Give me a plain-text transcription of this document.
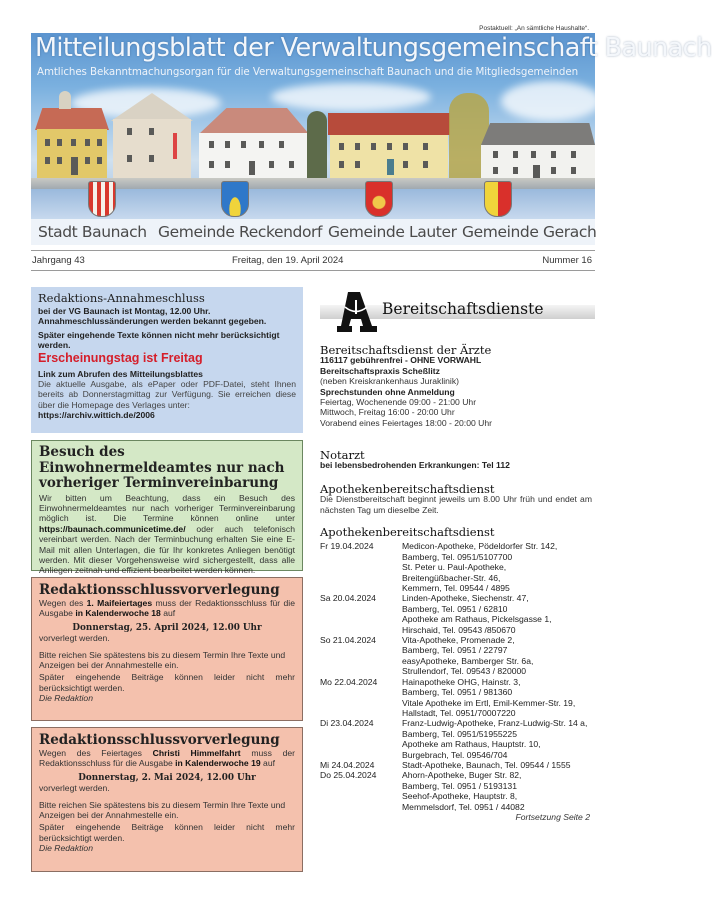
Postaktuell: „An sämtliche Haushalte“.
Mitteilungsblatt der Verwaltungsgemeinschaft Baunach
Amtliches Bekanntmachungsorgan für die Verwaltungsgemeinschaft Baunach und die Mitgliedsgemeinden
Stadt Baunach Gemeinde Reckendorf Gemeinde Lauter Gemeinde Gerach
Jahrgang 43	Freitag, den 19. April 2024	Nummer 16
Redaktions-Annahmeschluss
bei der VG Baunach ist Montag, 12.00 Uhr.
Annahmeschlussänderungen werden bekannt gegeben.
Später eingehende Texte können nicht mehr berücksichtigt werden.
Erscheinungstag ist Freitag
Link zum Abrufen des Mitteilungsblattes
Die aktuelle Ausgabe, als ePaper oder PDF-Datei, steht Ihnen bereits ab Donnerstagmittag zur Verfügung. Sie erreichen diese über die Homepage des Verlages unter:
https://archiv.wittich.de/2006
Besuch des Einwohnermeldeamtes nur nach vorheriger Terminvereinbarung
Wir bitten um Beachtung, dass ein Besuch des Einwohnermeldeamtes nur nach vorheriger Terminvereinbarung möglich ist. Die Termine können online unter https://baunach.communicetime.de/ oder auch telefonisch vereinbart werden. Nach der Terminbuchung erhalten Sie eine E-Mail mit allen Unterlagen, die für Ihr konkretes Anliegen benötigt werden. Mit dieser Vorgehensweise wird sichergestellt, dass alle Anliegen zeitnah und effizient bearbeitet werden können.
Redaktionsschlussvorverlegung
Wegen des 1. Maifeiertages muss der Redaktionsschluss für die Ausgabe in Kalenderwoche 18 auf
Donnerstag, 25. April 2024, 12.00 Uhr
vorverlegt werden.
Bitte reichen Sie spätestens bis zu diesem Termin Ihre Texte und Anzeigen bei der Annahmestelle ein.
Später eingehende Beiträge können leider nicht mehr berücksichtigt werden.
Die Redaktion
Redaktionsschlussvorverlegung
Wegen des Feiertages Christi Himmelfahrt muss der Redaktionsschluss für die Ausgabe in Kalenderwoche 19 auf
Donnerstag, 2. Mai 2024, 12.00 Uhr
vorverlegt werden.
Bitte reichen Sie spätestens bis zu diesem Termin Ihre Texte und Anzeigen bei der Annahmestelle ein.
Später eingehende Beiträge können leider nicht mehr berücksichtigt werden.
Die Redaktion
Bereitschaftsdienste
Bereitschaftsdienst der Ärzte
116117 gebührenfrei - OHNE VORWAHL
Bereitschaftspraxis Scheßlitz
(neben Kreiskrankenhaus Juraklinik)
Sprechstunden ohne Anmeldung
Feiertag, Wochenende 09:00 - 21:00 Uhr
Mittwoch, Freitag 16:00 - 20:00 Uhr
Vorabend eines Feiertages 18:00 - 20:00 Uhr
Notarzt
bei lebensbedrohenden Erkrankungen: Tel 112
Apothekenbereitschaftsdienst
Die Dienstbereitschaft beginnt jeweils um 8.00 Uhr früh und endet am nächsten Tag um dieselbe Zeit.
Apothekenbereitschaftsdienst
Fr 19.04.2024	Medicon-Apotheke, Pödeldorfer Str. 142,
Bamberg, Tel. 0951/5107700
St. Peter u. Paul-Apotheke,
Breitengüßbacher-Str. 46,
Kemmern, Tel. 09544 / 4895

Sa 20.04.2024	Linden-Apotheke, Siechenstr. 47,
Bamberg, Tel. 0951 / 62810
Apotheke am Rathaus, Pickelsgasse 1,
Hirschaid, Tel. 09543 /850670

So 21.04.2024	Vita-Apotheke, Promenade 2,
Bamberg, Tel. 0951 / 22797
easyApotheke, Bamberger Str. 6a,
Strullendorf, Tel. 09543 / 820000

Mo 22.04.2024	Hainapotheke OHG, Hainstr. 3,
Bamberg, Tel. 0951 / 981360
Vitale Apotheke im Ertl, Emil-Kemmer-Str. 19,
Hallstadt, Tel. 0951/70007220

Di 23.04.2024	Franz-Ludwig-Apotheke, Franz-Ludwig-Str. 14 a,
Bamberg, Tel. 0951/51955225
Apotheke am Rathaus, Hauptstr. 10,
Burgebrach, Tel. 09546/704

Mi 24.04.2024	Stadt-Apotheke, Baunach, Tel. 09544 / 1555

Do 25.04.2024	Ahorn-Apotheke, Buger Str. 82,
Bamberg, Tel. 0951 / 5193131
Seehof-Apotheke, Hauptstr. 8,
Memmelsdorf, Tel. 0951 / 44082
Fortsetzung Seite 2
